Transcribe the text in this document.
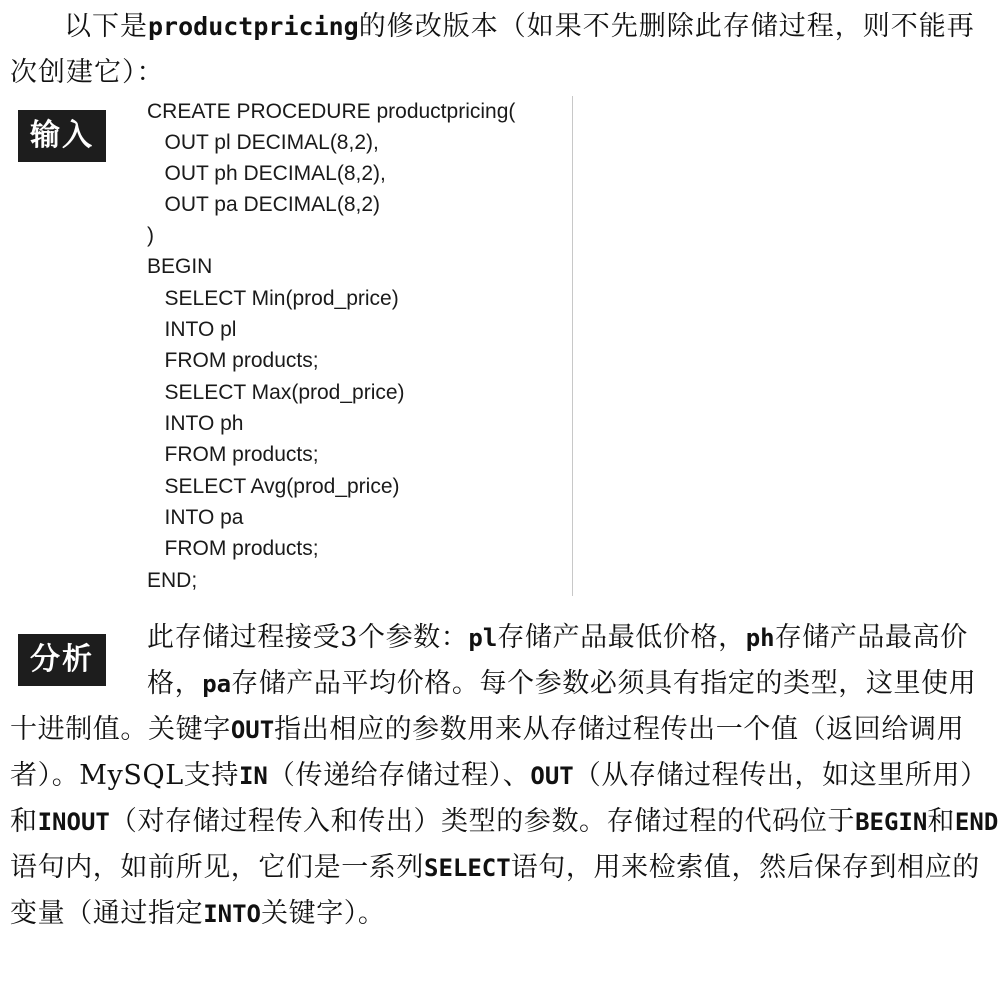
以下是productpricing的修改版本（如果不先删除此存储过程，则不能再次创建它）：
输入
CREATE PROCEDURE productpricing(
OUT pl DECIMAL(8,2),
OUT ph DECIMAL(8,2),
OUT pa DECIMAL(8,2)
)
BEGIN
SELECT Min(prod_price)
INTO pl
FROM products;
SELECT Max(prod_price)
INTO ph
FROM products;
SELECT Avg(prod_price)
INTO pa
FROM products;
END;
分析
此存储过程接受3个参数：pl存储产品最低价格，ph存储产品最高价格，pa存储产品平均价格。每个参数必须具有指定的类型，这里使用十进制值。关键字OUT指出相应的参数用来从存储过程传出一个值（返回给调用者）。MySQL支持IN（传递给存储过程）、OUT（从存储过程传出，如这里所用）和INOUT（对存储过程传入和传出）类型的参数。存储过程的代码位于BEGIN和END语句内，如前所见，它们是一系列SELECT语句，用来检索值，然后保存到相应的变量（通过指定INTO关键字）。
